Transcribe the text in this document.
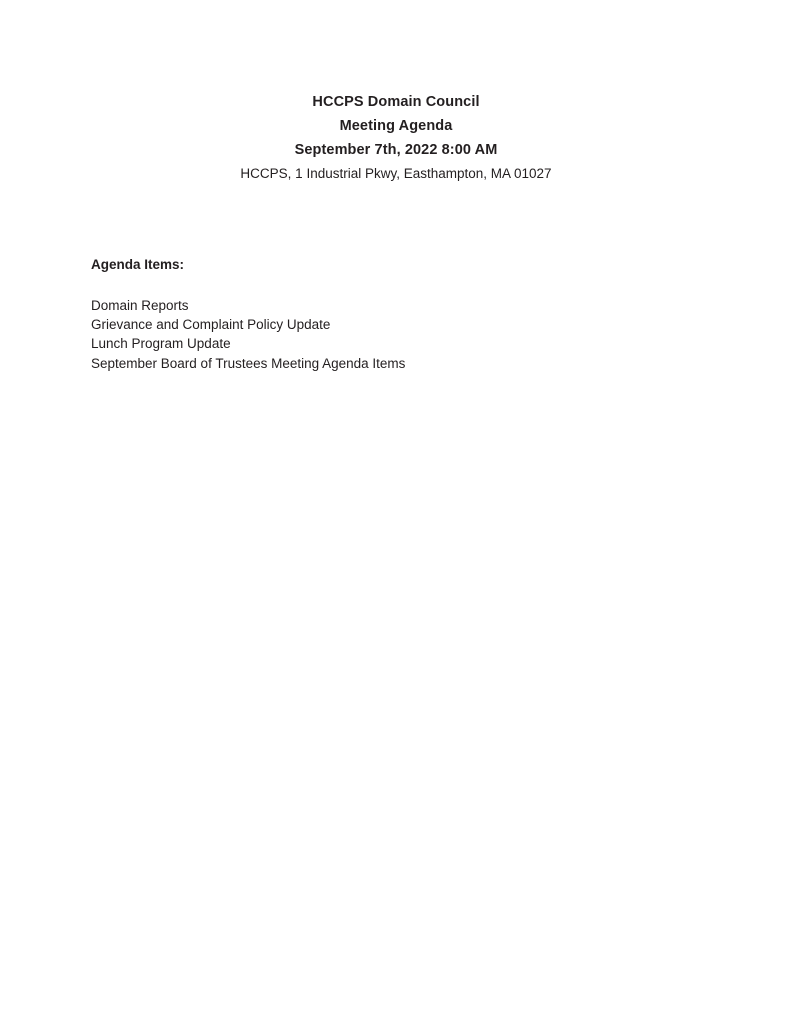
HCCPS Domain Council
Meeting Agenda
September 7th, 2022 8:00 AM
HCCPS, 1 Industrial Pkwy, Easthampton, MA 01027
Agenda Items:
Domain Reports
Grievance and Complaint Policy Update
Lunch Program Update
September Board of Trustees Meeting Agenda Items
